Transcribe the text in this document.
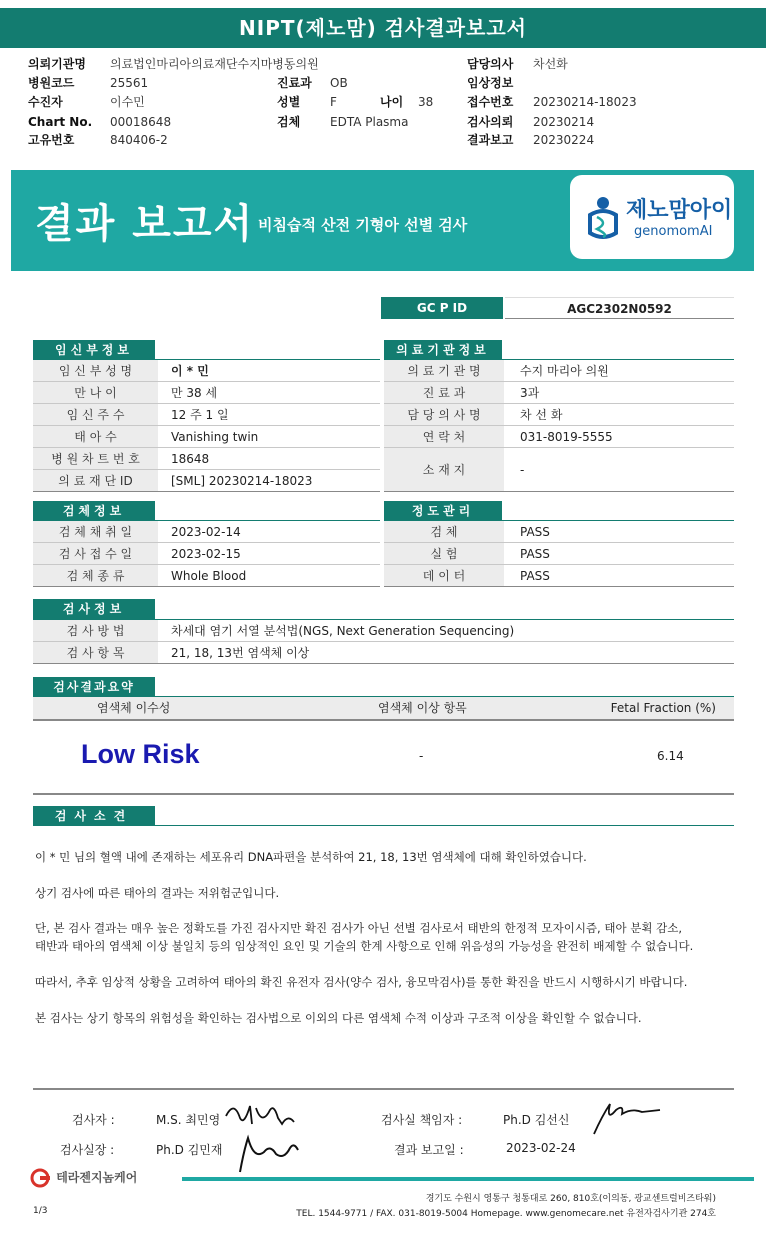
NIPT(제노맘) 검사결과보고서
의뢰기관명 의료법인마리아의료재단수지마병동의원	담당의사 차선화
병원코드	25561	진료과 OB	임상정보
수진자	이수민	성별 F	나이 38	접수번호 20230214-18023
Chart No. 00018648	검체 EDTA Plasma	검사의뢰 20230214
고유번호	840406-2	결과보고 20230224
결과 보고서 비침습적 산전 기형아 선별 검사
제노맘아이
genomomAI
GC P ID	AGC2302N0592
임신부정보
임 신 부 성 명	이 * 민
만 나 이	만 38 세
임 신 주 수	12 주 1 일
태 아 수	Vanishing twin
병 원 차 트 번 호	18648
의 료 재 단 ID	[SML] 20230214-18023
의료기관정보
의 료 기 관 명	수지 마리아 의원
진 료 과	3과
담 당 의 사 명	차 선 화
연 락 처	031-8019-5555
소 재 지	-
검체정보
검 체 채 취 일	2023-02-14
검 사 접 수 일	2023-02-15
검 체 종 류	Whole Blood
정도관리
검 체	PASS
실 험	PASS
데 이 터	PASS
검사정보
검 사 방 법	차세대 염기 서열 분석법(NGS, Next Generation Sequencing)
검 사 항 목	21, 18, 13번 염색체 이상
검사결과요약
염색체 이수성	염색체 이상 항목	Fetal Fraction (%)
Low Risk	-	6.14
검사소견
이 * 민 님의 혈액 내에 존재하는 세포유리 DNA파편을 분석하여 21, 18, 13번 염색체에 대해 확인하였습니다.
상기 검사에 따른 태아의 결과는 저위험군입니다.
단, 본 검사 결과는 매우 높은 정확도를 가진 검사지만 확진 검사가 아닌 선별 검사로서 태반의 한정적 모자이시즘, 태아 분획 감소,
태반과 태아의 염색체 이상 불일치 등의 임상적인 요인 및 기술의 한계 사항으로 인해 위음성의 가능성을 완전히 배제할 수 없습니다.
따라서, 추후 임상적 상황을 고려하여 태아의 확진 유전자 검사(양수 검사, 융모막검사)를 통한 확진을 반드시 시행하시기 바랍니다.
본 검사는 상기 항목의 위험성을 확인하는 검사법으로 이외의 다른 염색체 수적 이상과 구조적 이상을 확인할 수 없습니다.
검사자 :	M.S. 최민영	검사실 책임자 :	Ph.D 김선신
검사실장 :	Ph.D 김민재	결과 보고일 :	2023-02-24
테라젠지놈케어
경기도 수원시 영통구 청통대로 260, 810호(이의동, 광교센트럴비즈타워)
TEL. 1544-9771 / FAX. 031-8019-5004 Homepage. www.genomecare.net 유전자검사기관 274호
1/3
